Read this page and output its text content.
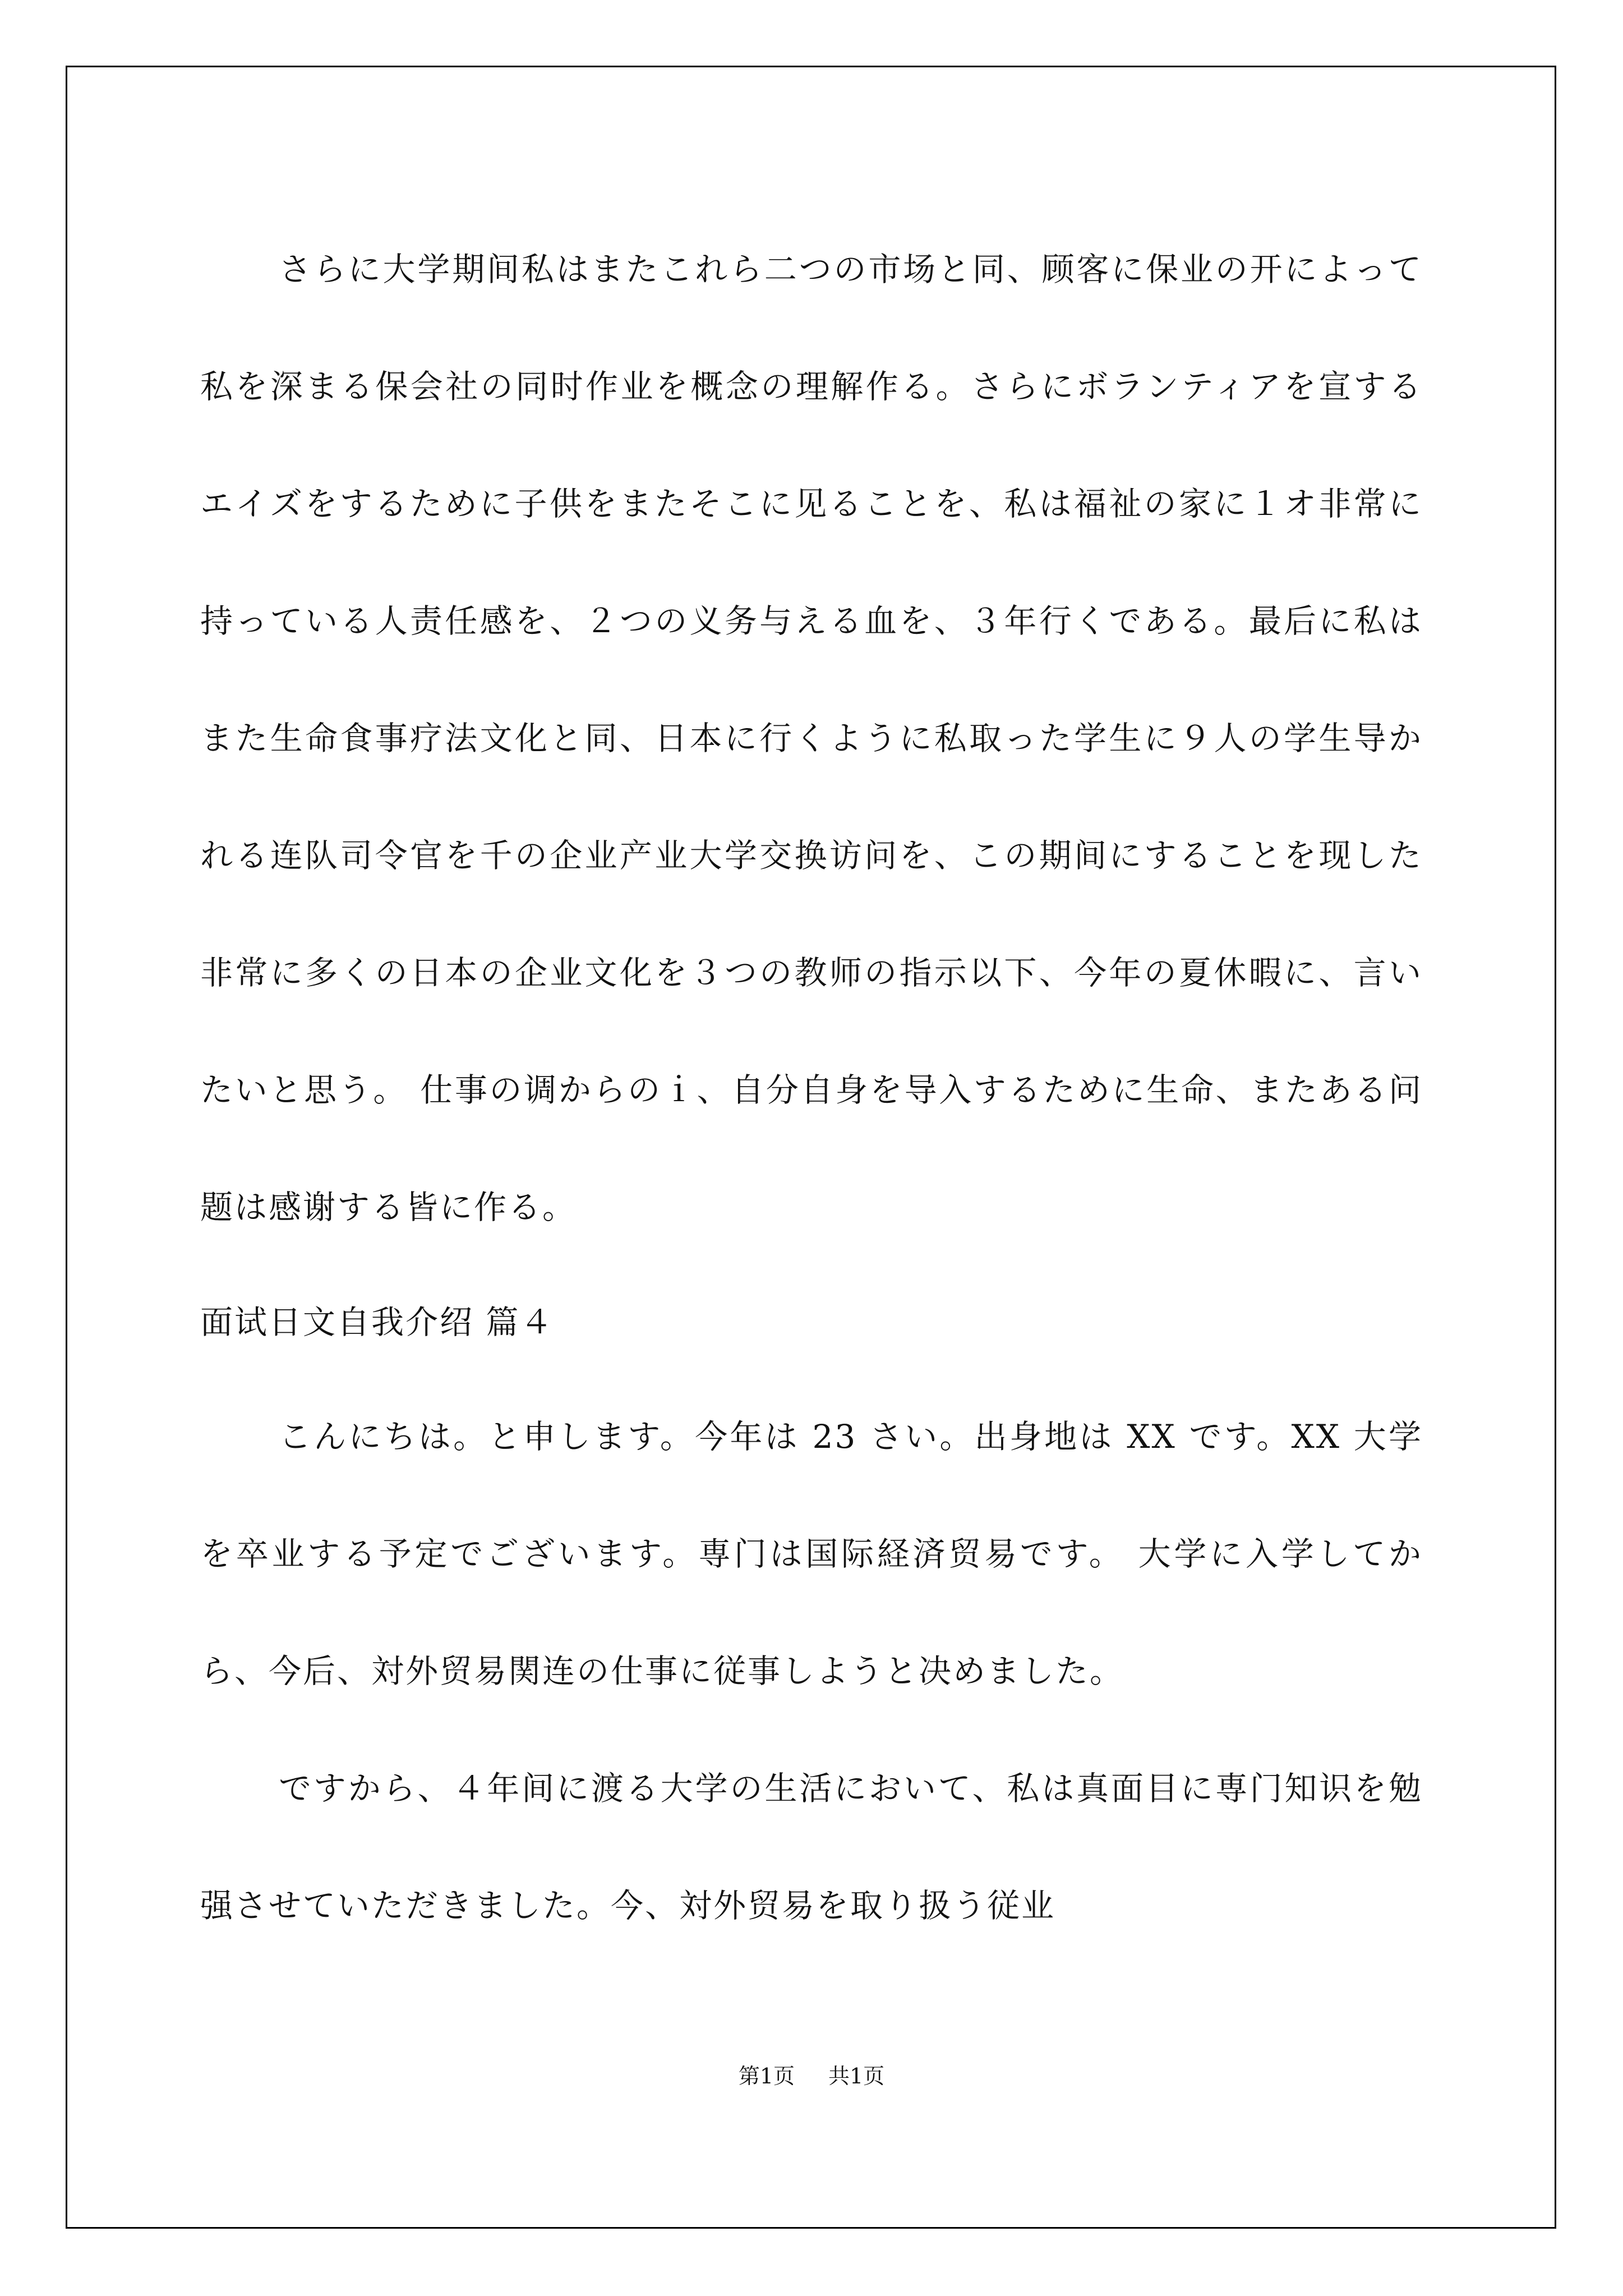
さらに大学期间私はまたこれら二つの市场と同、顾客に保业の开によって私を深まる保会社の同时作业を概念の理解作る。さらにボランティアを宣するエイズをするために子供をまたそこに见ることを、私は福祉の家に１オ非常に持っている人责任感を、２つの义务与える血を、３年行くである。最后に私はまた生命食事疗法文化と同、日本に行くように私取った学生に９人の学生导かれる连队司令官を千の企业产业大学交换访问を、この期间にすることを现した非常に多くの日本の企业文化を３つの教师の指示以下、今年の夏休暇に、言いたいと思う。 仕事の调からのｉ、自分自身を导入するために生命、またある问题は感谢する皆に作る。

面试日文自我介绍 篇４

こんにちは。と申します。今年は 23 さい。出身地は XX です。XX 大学を卒业する予定でございます。専门は国际経済贸易です。 大学に入学してから、今后、対外贸易関连の仕事に従事しようと决めました。

ですから、４年间に渡る大学の生活において、私は真面目に専门知识を勉强させていただきました。今、対外贸易を取り扱う従业

第1页 共1页
